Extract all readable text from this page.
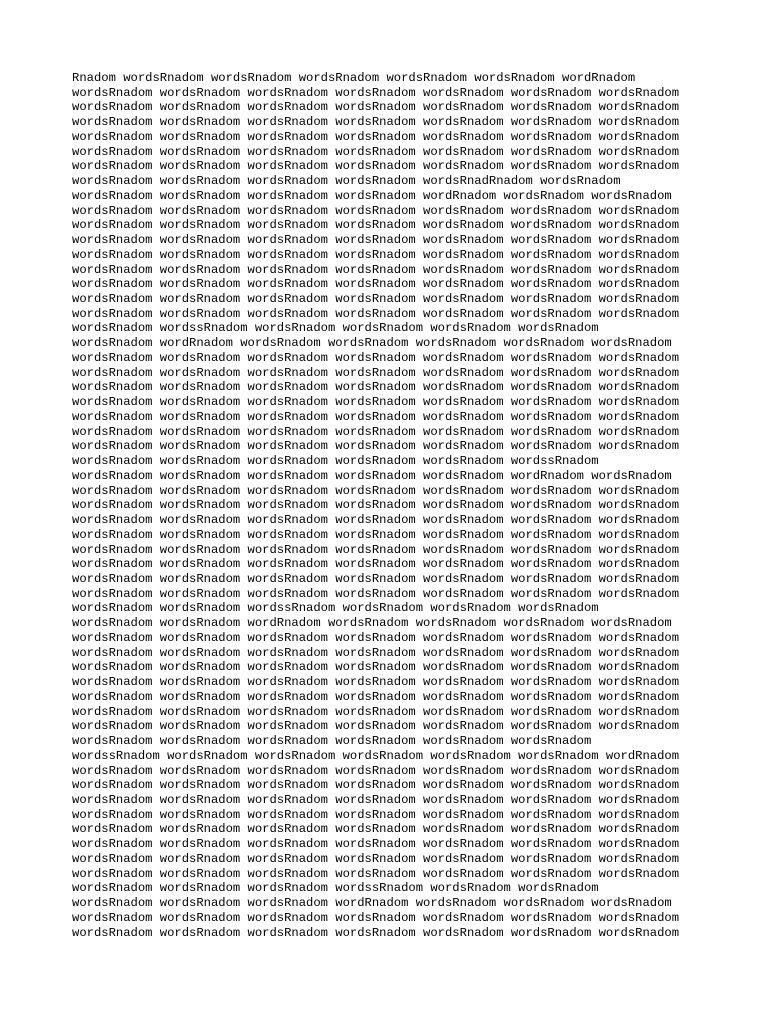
Rnadom wordsRnadom wordsRnadom wordsRnadom wordsRnadom wordsRnadom wordRnadom
wordsRnadom wordsRnadom wordsRnadom wordsRnadom wordsRnadom wordsRnadom wordsRnadom
wordsRnadom wordsRnadom wordsRnadom wordsRnadom wordsRnadom wordsRnadom wordsRnadom
wordsRnadom wordsRnadom wordsRnadom wordsRnadom wordsRnadom wordsRnadom wordsRnadom
wordsRnadom wordsRnadom wordsRnadom wordsRnadom wordsRnadom wordsRnadom wordsRnadom
wordsRnadom wordsRnadom wordsRnadom wordsRnadom wordsRnadom wordsRnadom wordsRnadom
wordsRnadom wordsRnadom wordsRnadom wordsRnadom wordsRnadom wordsRnadom wordsRnadom
wordsRnadom wordsRnadom wordsRnadom wordsRnadom wordsRnadRnadom wordsRnadom
wordsRnadom wordsRnadom wordsRnadom wordsRnadom wordRnadom wordsRnadom wordsRnadom
wordsRnadom wordsRnadom wordsRnadom wordsRnadom wordsRnadom wordsRnadom wordsRnadom
wordsRnadom wordsRnadom wordsRnadom wordsRnadom wordsRnadom wordsRnadom wordsRnadom
wordsRnadom wordsRnadom wordsRnadom wordsRnadom wordsRnadom wordsRnadom wordsRnadom
wordsRnadom wordsRnadom wordsRnadom wordsRnadom wordsRnadom wordsRnadom wordsRnadom
wordsRnadom wordsRnadom wordsRnadom wordsRnadom wordsRnadom wordsRnadom wordsRnadom
wordsRnadom wordsRnadom wordsRnadom wordsRnadom wordsRnadom wordsRnadom wordsRnadom
wordsRnadom wordsRnadom wordsRnadom wordsRnadom wordsRnadom wordsRnadom wordsRnadom
wordsRnadom wordsRnadom wordsRnadom wordsRnadom wordsRnadom wordsRnadom wordsRnadom
wordsRnadom wordssRnadom wordsRnadom wordsRnadom wordsRnadom wordsRnadom
wordsRnadom wordRnadom wordsRnadom wordsRnadom wordsRnadom wordsRnadom wordsRnadom
wordsRnadom wordsRnadom wordsRnadom wordsRnadom wordsRnadom wordsRnadom wordsRnadom
wordsRnadom wordsRnadom wordsRnadom wordsRnadom wordsRnadom wordsRnadom wordsRnadom
wordsRnadom wordsRnadom wordsRnadom wordsRnadom wordsRnadom wordsRnadom wordsRnadom
wordsRnadom wordsRnadom wordsRnadom wordsRnadom wordsRnadom wordsRnadom wordsRnadom
wordsRnadom wordsRnadom wordsRnadom wordsRnadom wordsRnadom wordsRnadom wordsRnadom
wordsRnadom wordsRnadom wordsRnadom wordsRnadom wordsRnadom wordsRnadom wordsRnadom
wordsRnadom wordsRnadom wordsRnadom wordsRnadom wordsRnadom wordsRnadom wordsRnadom
wordsRnadom wordsRnadom wordsRnadom wordsRnadom wordsRnadom wordssRnadom
wordsRnadom wordsRnadom wordsRnadom wordsRnadom wordsRnadom wordRnadom wordsRnadom
wordsRnadom wordsRnadom wordsRnadom wordsRnadom wordsRnadom wordsRnadom wordsRnadom
wordsRnadom wordsRnadom wordsRnadom wordsRnadom wordsRnadom wordsRnadom wordsRnadom
wordsRnadom wordsRnadom wordsRnadom wordsRnadom wordsRnadom wordsRnadom wordsRnadom
wordsRnadom wordsRnadom wordsRnadom wordsRnadom wordsRnadom wordsRnadom wordsRnadom
wordsRnadom wordsRnadom wordsRnadom wordsRnadom wordsRnadom wordsRnadom wordsRnadom
wordsRnadom wordsRnadom wordsRnadom wordsRnadom wordsRnadom wordsRnadom wordsRnadom
wordsRnadom wordsRnadom wordsRnadom wordsRnadom wordsRnadom wordsRnadom wordsRnadom
wordsRnadom wordsRnadom wordsRnadom wordsRnadom wordsRnadom wordsRnadom wordsRnadom
wordsRnadom wordsRnadom wordssRnadom wordsRnadom wordsRnadom wordsRnadom
wordsRnadom wordsRnadom wordRnadom wordsRnadom wordsRnadom wordsRnadom wordsRnadom
wordsRnadom wordsRnadom wordsRnadom wordsRnadom wordsRnadom wordsRnadom wordsRnadom
wordsRnadom wordsRnadom wordsRnadom wordsRnadom wordsRnadom wordsRnadom wordsRnadom
wordsRnadom wordsRnadom wordsRnadom wordsRnadom wordsRnadom wordsRnadom wordsRnadom
wordsRnadom wordsRnadom wordsRnadom wordsRnadom wordsRnadom wordsRnadom wordsRnadom
wordsRnadom wordsRnadom wordsRnadom wordsRnadom wordsRnadom wordsRnadom wordsRnadom
wordsRnadom wordsRnadom wordsRnadom wordsRnadom wordsRnadom wordsRnadom wordsRnadom
wordsRnadom wordsRnadom wordsRnadom wordsRnadom wordsRnadom wordsRnadom wordsRnadom
wordsRnadom wordsRnadom wordsRnadom wordsRnadom wordsRnadom wordsRnadom
wordssRnadom wordsRnadom wordsRnadom wordsRnadom wordsRnadom wordsRnadom wordRnadom
wordsRnadom wordsRnadom wordsRnadom wordsRnadom wordsRnadom wordsRnadom wordsRnadom
wordsRnadom wordsRnadom wordsRnadom wordsRnadom wordsRnadom wordsRnadom wordsRnadom
wordsRnadom wordsRnadom wordsRnadom wordsRnadom wordsRnadom wordsRnadom wordsRnadom
wordsRnadom wordsRnadom wordsRnadom wordsRnadom wordsRnadom wordsRnadom wordsRnadom
wordsRnadom wordsRnadom wordsRnadom wordsRnadom wordsRnadom wordsRnadom wordsRnadom
wordsRnadom wordsRnadom wordsRnadom wordsRnadom wordsRnadom wordsRnadom wordsRnadom
wordsRnadom wordsRnadom wordsRnadom wordsRnadom wordsRnadom wordsRnadom wordsRnadom
wordsRnadom wordsRnadom wordsRnadom wordsRnadom wordsRnadom wordsRnadom wordsRnadom
wordsRnadom wordsRnadom wordsRnadom wordssRnadom wordsRnadom wordsRnadom
wordsRnadom wordsRnadom wordsRnadom wordRnadom wordsRnadom wordsRnadom wordsRnadom
wordsRnadom wordsRnadom wordsRnadom wordsRnadom wordsRnadom wordsRnadom wordsRnadom
wordsRnadom wordsRnadom wordsRnadom wordsRnadom wordsRnadom wordsRnadom wordsRnadom
